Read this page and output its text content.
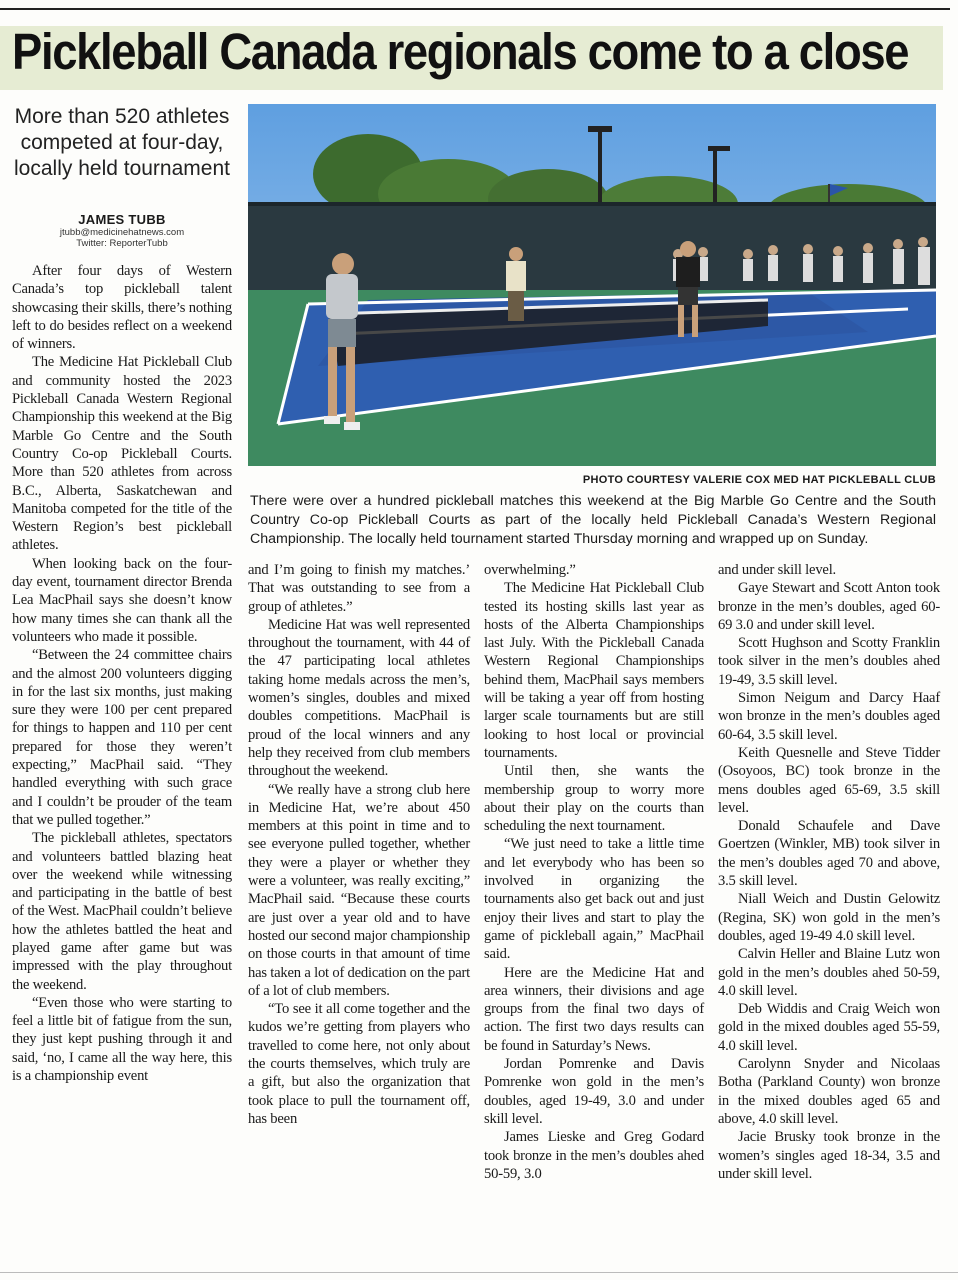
Pickleball Canada regionals come to a close
More than 520 athletes competed at four-day, locally held tournament
JAMES TUBB
jtubb@medicinehatnews.com
Twitter: ReporterTubb

After four days of Western Canada’s top pickleball talent showcasing their skills, there’s nothing left to do besides reflect on a weekend of winners.

The Medicine Hat Pickleball Club and community hosted the 2023 Pickleball Canada Western Regional Championship this weekend at the Big Marble Go Centre and the South Country Co-op Pickleball Courts. More than 520 athletes from across B.C., Alberta, Saskatchewan and Manitoba competed for the title of the Western Region’s best pickleball athletes.

When looking back on the four-day event, tournament director Brenda Lea MacPhail says she doesn’t know how many times she can thank all the volunteers who made it possible.

“Between the 24 committee chairs and the almost 200 volunteers digging in for the last six months, just making sure they were 100 per cent prepared for things to happen and 110 per cent prepared for those they weren’t expecting,” MacPhail said. “They handled everything with such grace and I couldn’t be prouder of the team that we pulled together.”

The pickleball athletes, spectators and volunteers battled blazing heat over the weekend while witnessing and participating in the battle of best of the West. MacPhail couldn’t believe how the athletes battled the heat and played game after game but was impressed with the play throughout the weekend.

“Even those who were starting to feel a little bit of fatigue from the sun, they just kept pushing through it and said, ‘no, I came all the way here, this is a championship event

PHOTO COURTESY VALERIE COX MED HAT PICKLEBALL CLUB
There were over a hundred pickleball matches this weekend at the Big Marble Go Centre and the South Country Co-op Pickleball Courts as part of the locally held Pickleball Canada’s Western Regional Championship. The locally held tournament started Thursday morning and wrapped up on Sunday.

and I’m going to finish my matches.’ That was outstanding to see from a group of athletes.”

Medicine Hat was well represented throughout the tournament, with 44 of the 47 participating local athletes taking home medals across the men’s, women’s singles, doubles and mixed doubles competitions. MacPhail is proud of the local winners and any help they received from club members throughout the weekend.

“We really have a strong club here in Medicine Hat, we’re about 450 members at this point in time and to see everyone pulled together, whether they were a player or whether they were a volunteer, was really exciting,” MacPhail said. “Because these courts are just over a year old and to have hosted our second major championship on those courts in that amount of time has taken a lot of dedication on the part of a lot of club members.

“To see it all come together and the kudos we’re getting from players who travelled to come here, not only about the courts themselves, which truly are a gift, but also the organization that took place to pull the tournament off, has been

overwhelming.”

The Medicine Hat Pickleball Club tested its hosting skills last year as hosts of the Alberta Championships last July. With the Pickleball Canada Western Regional Championships behind them, MacPhail says members will be taking a year off from hosting larger scale tournaments but are still looking to host local or provincial tournaments.

Until then, she wants the membership group to worry more about their play on the courts than scheduling the next tournament.

“We just need to take a little time and let everybody who has been so involved in organizing the tournaments also get back out and just enjoy their lives and start to play the game of pickleball again,” MacPhail said.

Here are the Medicine Hat and area winners, their divisions and age groups from the final two days of action. The first two days results can be found in Saturday’s News.

Jordan Pomrenke and Davis Pomrenke won gold in the men’s doubles, aged 19-49, 3.0 and under skill level.

James Lieske and Greg Godard took bronze in the men’s doubles ahed 50-59, 3.0

and under skill level.

Gaye Stewart and Scott Anton took bronze in the men’s doubles, aged 60-69 3.0 and under skill level.

Scott Hughson and Scotty Franklin took silver in the men’s doubles ahed 19-49, 3.5 skill level.

Simon Neigum and Darcy Haaf won bronze in the men’s doubles aged 60-64, 3.5 skill level.

Keith Quesnelle and Steve Tidder (Osoyoos, BC) took bronze in the mens doubles aged 65-69, 3.5 skill level.

Donald Schaufele and Dave Goertzen (Winkler, MB) took silver in the men’s doubles aged 70 and above, 3.5 skill level.

Niall Weich and Dustin Gelowitz (Regina, SK) won gold in the men’s doubles, aged 19-49 4.0 skill level.

Calvin Heller and Blaine Lutz won gold in the men’s doubles ahed 50-59, 4.0 skill level.

Deb Widdis and Craig Weich won gold in the mixed doubles aged 55-59, 4.0 skill level.

Carolynn Snyder and Nicolaas Botha (Parkland County) won bronze in the mixed doubles aged 65 and above, 4.0 skill level.

Jacie Brusky took bronze in the women’s singles aged 18-34, 3.5 and under skill level.
